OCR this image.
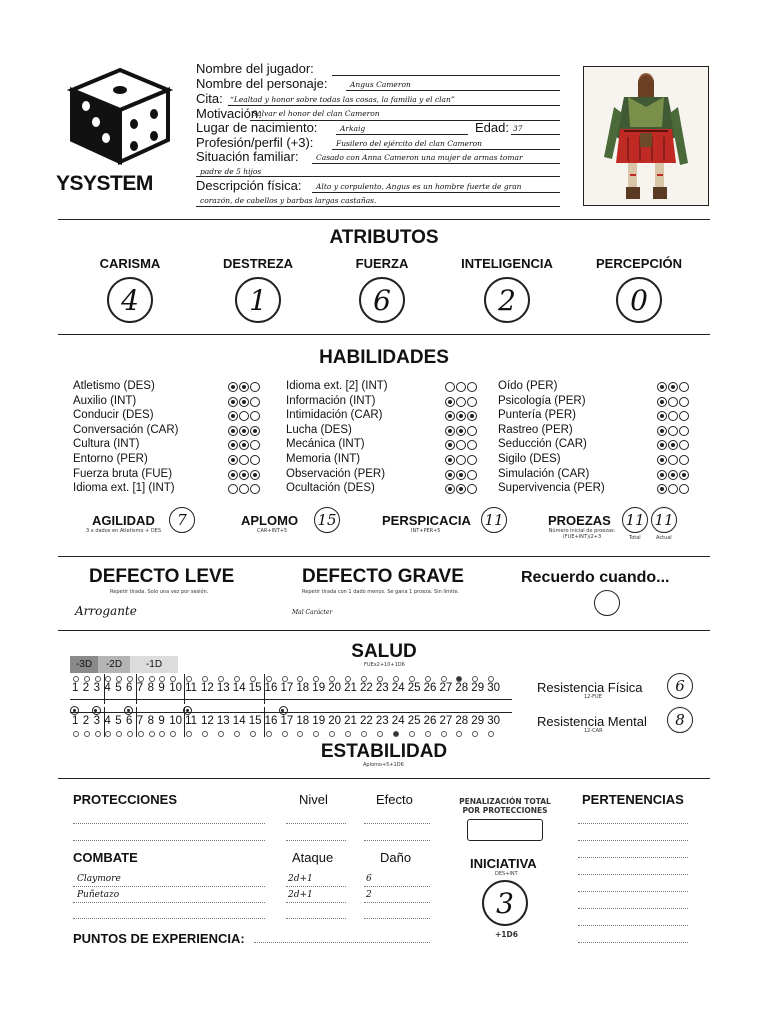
YSYSTEM
Nombre del jugador:
Nombre del personaje:	Angus Cameron
Cita: “Lealtad y honor sobre todas las cosas, la familia y el clan”
Motivación:
Salvar el honor del clan Cameron
Lugar de nacimiento:	Arkaig	Edad: 37
Profesión/perfil (+3):	Fusilero del ejército del clan Cameron
Situación familiar: Casado con Anna Cameron una mujer de armas tomar
padre de 5 hijos
Descripción física: Alto y corpulento, Angus es un hombre fuerte de gran
corazón, de cabellos y barbas largas castañas.
ATRIBUTOS
CARISMA
4
DESTREZA
1
FUERZA
6
INTELIGENCIA
2
PERCEPCIÓN
0
HABILIDADES
Atletismo (DES)
Auxilio (INT)
Conducir (DES)
Conversación (CAR)
Cultura (INT)
Entorno (PER)
Fuerza bruta (FUE)
Idioma ext. [1] (INT)
Idioma ext. [2] (INT)
Información (INT)
Intimidación (CAR)
Lucha (DES)
Mecánica (INT)
Memoria (INT)
Observación (PER)
Ocultación (DES)
Oído (PER)
Psicología (PER)
Puntería (PER)
Rastreo (PER)
Seducción (CAR)
Sigilo (DES)
Simulación (CAR)
Supervivencia (PER)
AGILIDAD
3 x dados en Atletismo + DES
7	APLOMO
CAR+INT+5
15	PERSPICACIA
INT+PER+5
11	PROEZAS
Número inicial de proezas: (FUE+INT)/2+3
11 11
Total	Actual
DEFECTO LEVE
Repetir tirada. Solo una vez por sesión.
Arrogante
DEFECTO GRAVE
Repetir tirada con 1 dado menos. Se gana 1 proeza. Sin límite.
Mal Carácter
Recuerdo cuando...
SALUD
FUEx2+10+1D6
-3D	-2D	-1D
1 2 3 4 5 6 7 8 9 10 11 12 13 14 15 16 17 18 19 20 21 22 23 24 25 26 27 28 29 30
1 2 3 4 5 6 7 8 9 10 11 12 13 14 15 16 17 18 19 20 21 22 23 24 25 26 27 28 29 30
Resistencia Física
12-FUE
6
Resistencia Mental
12-CAR
8
ESTABILIDAD
Aplomo+5+1D6
PROTECCIONES	Nivel	Efecto	PENALIZACIÓN TOTAL
POR PROTECCIONES
PERTENENCIAS
COMBATE	Ataque	Daño
Claymore	2d+1	6
Puñetazo	2d+1	2
INICIATIVA
DES+INT
3
+1D6
PUNTOS DE EXPERIENCIA:
